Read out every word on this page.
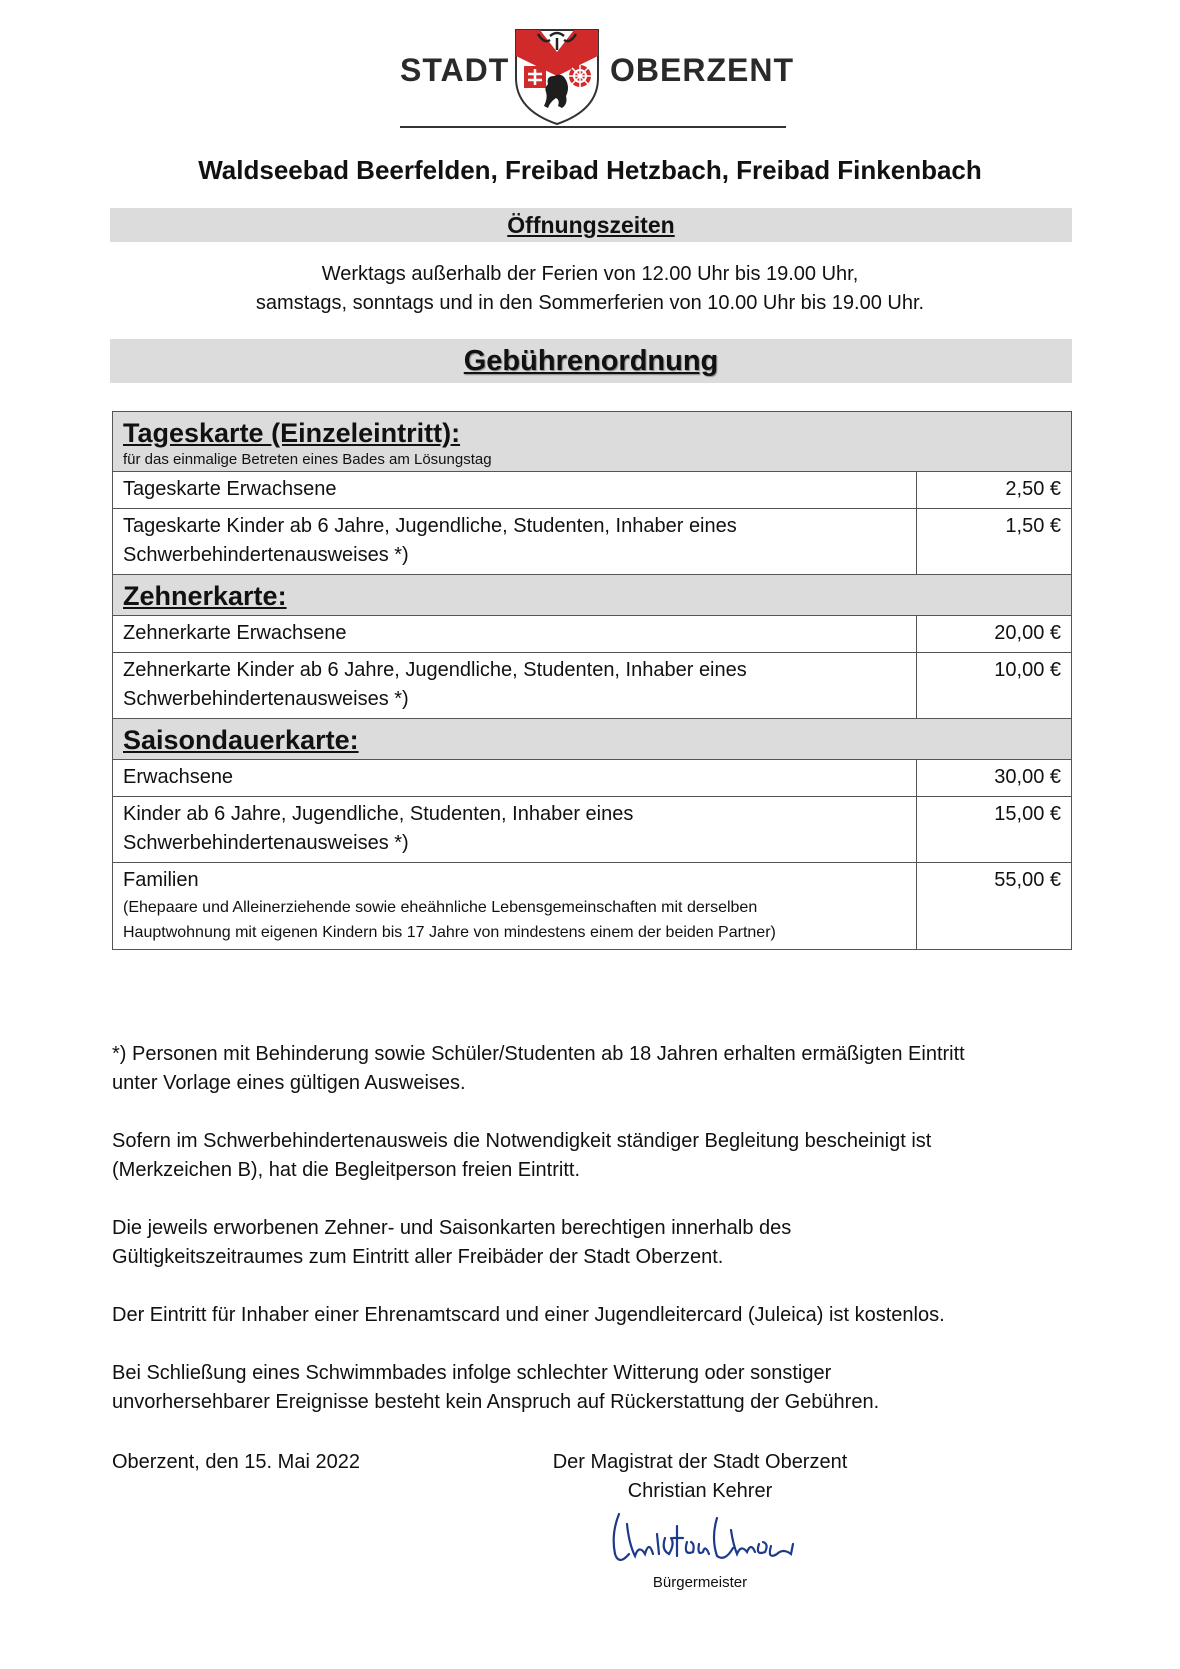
STADT	OBERZENT
Waldseebad Beerfelden, Freibad Hetzbach, Freibad Finkenbach
Öffnungszeiten
Werktags außerhalb der Ferien von 12.00 Uhr bis 19.00 Uhr,
samstags, sonntags und in den Sommerferien von 10.00 Uhr bis 19.00 Uhr.
Gebührenordnung
Tageskarte (Einzeleintritt):
für das einmalige Betreten eines Bades am Lösungstag	

Tageskarte Erwachsene	2,50 €

Tageskarte Kinder ab 6 Jahre, Jugendliche, Studenten, Inhaber eines
Schwerbehindertenausweises *)	1,50 €

Zehnerkarte:	

Zehnerkarte Erwachsene	20,00 €

Zehnerkarte Kinder ab 6 Jahre, Jugendliche, Studenten, Inhaber eines
Schwerbehindertenausweises *)	10,00 €

Saisondauerkarte:	

Erwachsene	30,00 €

Kinder ab 6 Jahre, Jugendliche, Studenten, Inhaber eines
Schwerbehindertenausweises *)	15,00 €

Familien
(Ehepaare und Alleinerziehende sowie eheähnliche Lebensgemeinschaften mit derselben
Hauptwohnung mit eigenen Kindern bis 17 Jahre von mindestens einem der beiden Partner)	55,00 €

*) Personen mit Behinderung sowie Schüler/Studenten ab 18 Jahren erhalten ermäßigten Eintritt
unter Vorlage eines gültigen Ausweises.

Sofern im Schwerbehindertenausweis die Notwendigkeit ständiger Begleitung bescheinigt ist
(Merkzeichen B), hat die Begleitperson freien Eintritt.

Die jeweils erworbenen Zehner- und Saisonkarten berechtigen innerhalb des
Gültigkeitszeitraumes zum Eintritt aller Freibäder der Stadt Oberzent.

Der Eintritt für Inhaber einer Ehrenamtscard und einer Jugendleitercard (Juleica) ist kostenlos.

Bei Schließung eines Schwimmbades infolge schlechter Witterung oder sonstiger
unvorhersehbarer Ereignisse besteht kein Anspruch auf Rückerstattung der Gebühren.

Oberzent, den 15. Mai 2022	Der Magistrat der Stadt Oberzent
Christian Kehrer
Bürgermeister
